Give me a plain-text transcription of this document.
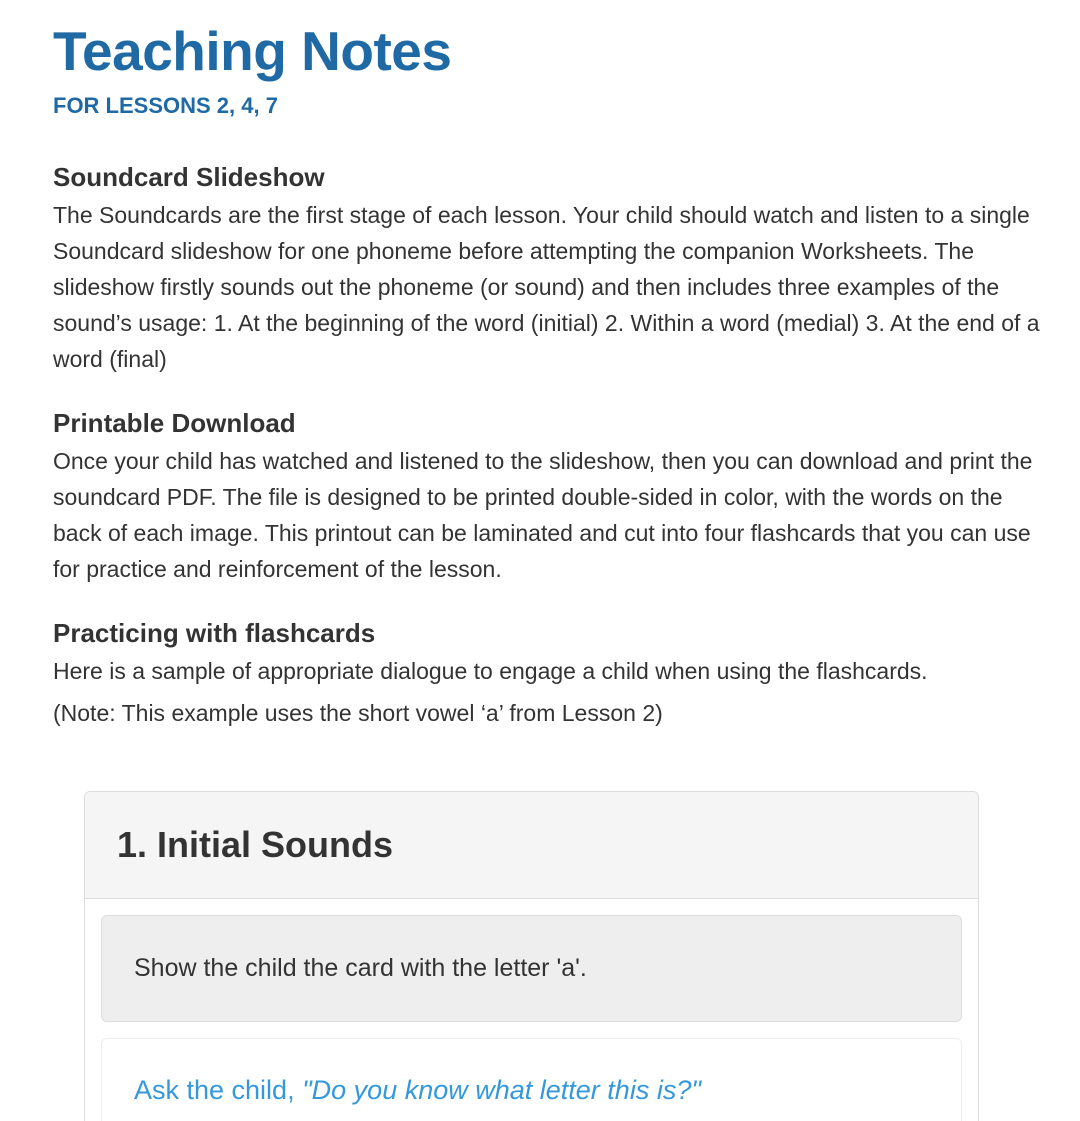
Teaching Notes
FOR LESSONS 2, 4, 7
Soundcard Slideshow

The Soundcards are the first stage of each lesson. Your child should watch and listen to a single Soundcard slideshow for one phoneme before attempting the companion Worksheets. The slideshow firstly sounds out the phoneme (or sound) and then includes three examples of the sound’s usage: 1. At the beginning of the word (initial) 2. Within a word (medial) 3. At the end of a word (final)

Printable Download

Once your child has watched and listened to the slideshow, then you can download and print the soundcard PDF. The file is designed to be printed double-sided in color, with the words on the back of each image. This printout can be laminated and cut into four flashcards that you can use for practice and reinforcement of the lesson.

Practicing with flashcards

Here is a sample of appropriate dialogue to engage a child when using the flashcards.

(Note: This example uses the short vowel ‘a’ from Lesson 2)

1. Initial Sounds
Show the child the card with the letter 'a'.
Ask the child, "Do you know what letter this is?"
